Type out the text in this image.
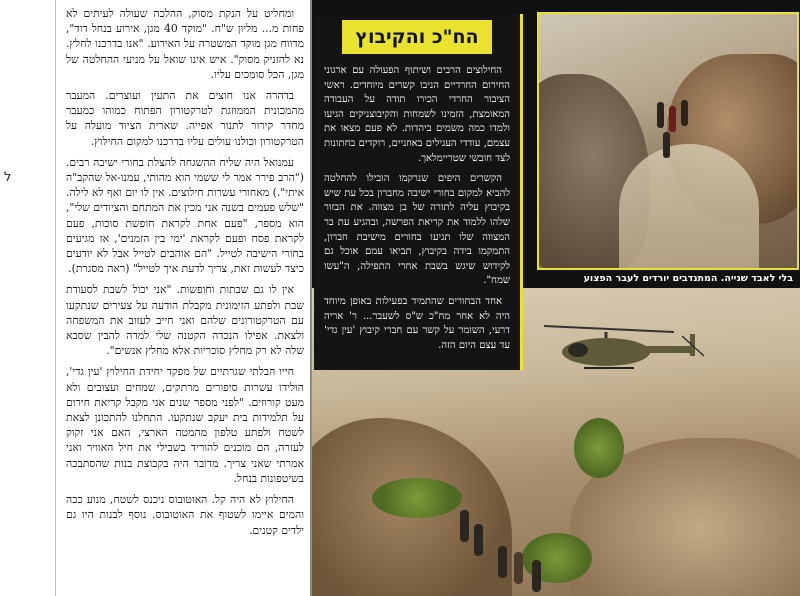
ל

ומחליט על הנקת מסוק, ההלכה שעולה לעיתים לא פחות מ... מליון ש"ח. "מוקד 40 מגן, אירוע בנחל דוד", מדווח מגן מוקד המשטרה על האירוע. "אנו בדרכנו לחלץ. נא להזניק מסוק". איש אינו שואל על מניעי ההחלטה של מגן, הכל סומכים עליו.

בדהרה אנו חוצים את התעין ועוצרים. המעבר מהמכונית הממוזגת לטרקטורון הפתוח כמוהו כמעבר מחדר קירור לתנור אפייה. שארית הציוד מועלה על הטרקטורון וכולנו עולים עליו בדרכנו למקום החילוץ.

עמנואל היה שליח ההשגחה להצלת בחורי ישיבה רבים. ("הרב פירר אמר לי ששמי הוא מהותי, עמנו-אל שהקב"ה איתי".) מאחורי עשרות חילוצים. אין לו יום ואף לא לילה. "שלש פעמים בשנה אני מכין את המתחם והציודים שלי", הוא מספר, "פעם אחת לקראת חופשת סוכות, פעם לקראת פסח ופעם לקראת 'ימי בין הזמנים', אז מגיעים בחורי הישיבה לטייל. "הם אוהבים לטייל אבל לא יודעים כיצד לעשות זאת, צריך לדעת איך לטייל" (ראה מסגרת).

אין לו גם שבתות וחופשות. "אני יכול לשבת לסעודת שבת ולפתע הזימונית מקבלת הודעה על צעירים שנתקעו עם הטרקטורונים שלהם ואני חייב לעזוב את המשפחה ולצאת. אפילו הנכדה הקטנה שלי למדה להבין שסבא שלה לא רק מחלץ סוכריות אלא מחלץ אנשים".

חייו הבלתי שגרתיים של מפקד יחידת החילוץ 'עין גדי', הולידו עשרות סיפורים מרתקים, שמחים ועצובים ולא מעט קורוזים. "לפני מספר שנים אני מקבל קריאת חירום על תלמידות בית יעקב שנתקעו. התחלנו להתכונן לצאת לשטח ולפתע טלפון מהמטה הארצי, האם אני זקוק לעזרה, הם מוכנים להוריד בשבילי את חיל האוויר ואני אמרתי שאני צריך. מדובר היה בקבוצת בנות שהסתבכה בשיטפונות בנחל.

החילוץ לא היה קל. האוטובוס ניכנס לשטח, מנוע ככה והמים איימו לשטוף את האוטובוס. נוסף לבנות היו גם ילדים קטנים.

בלי לאבד שנייה. המתנדבים יורדים לעבר הפצוע
הח"כ והקיבוץ

החילוצים הרבים ושיתוף הפעולה עם ארגוני החירום החרדיים הניבו קשרים מיוחדים. ראשי הציבור החרדי הכירו תודה על העבודה המאומצת, הזמינו לשמחות והקיבוצניקים הגיעו ולמדו כמה משמים ביהדות. לא פעם מצאו את עצמם, עודדי העגילים באוזניים, רוקדים בחתונות לצד חובשי שטריימלאך.

הקשרים היפים שנרקמו הובילו להחלטה להביא למקום בחורי ישיבה מחברון בכל עת שיש בקיבוץ עליה לתורה של בן מצווה. את הבזור שלהו ללמוד את קריאת הפרשה, ובהגיע עת בר המצווה שלו תגיעו בחורים מישיבת חברון, התמקמו בידה בקיבוץ, תביאו עמם אוכל גם לקידוש שיגש בשבת אחרי התפילה, ה"עשו שמח".

אחד הבחורים שהתמיד בפעילות באופן מיוחד היה לא אחר מח"כ ש"ס לשעבר... ר' אריה דרעי, השומר על קשר עם חברי קיבוץ 'עין גדי' עד עצם היום הזה.
